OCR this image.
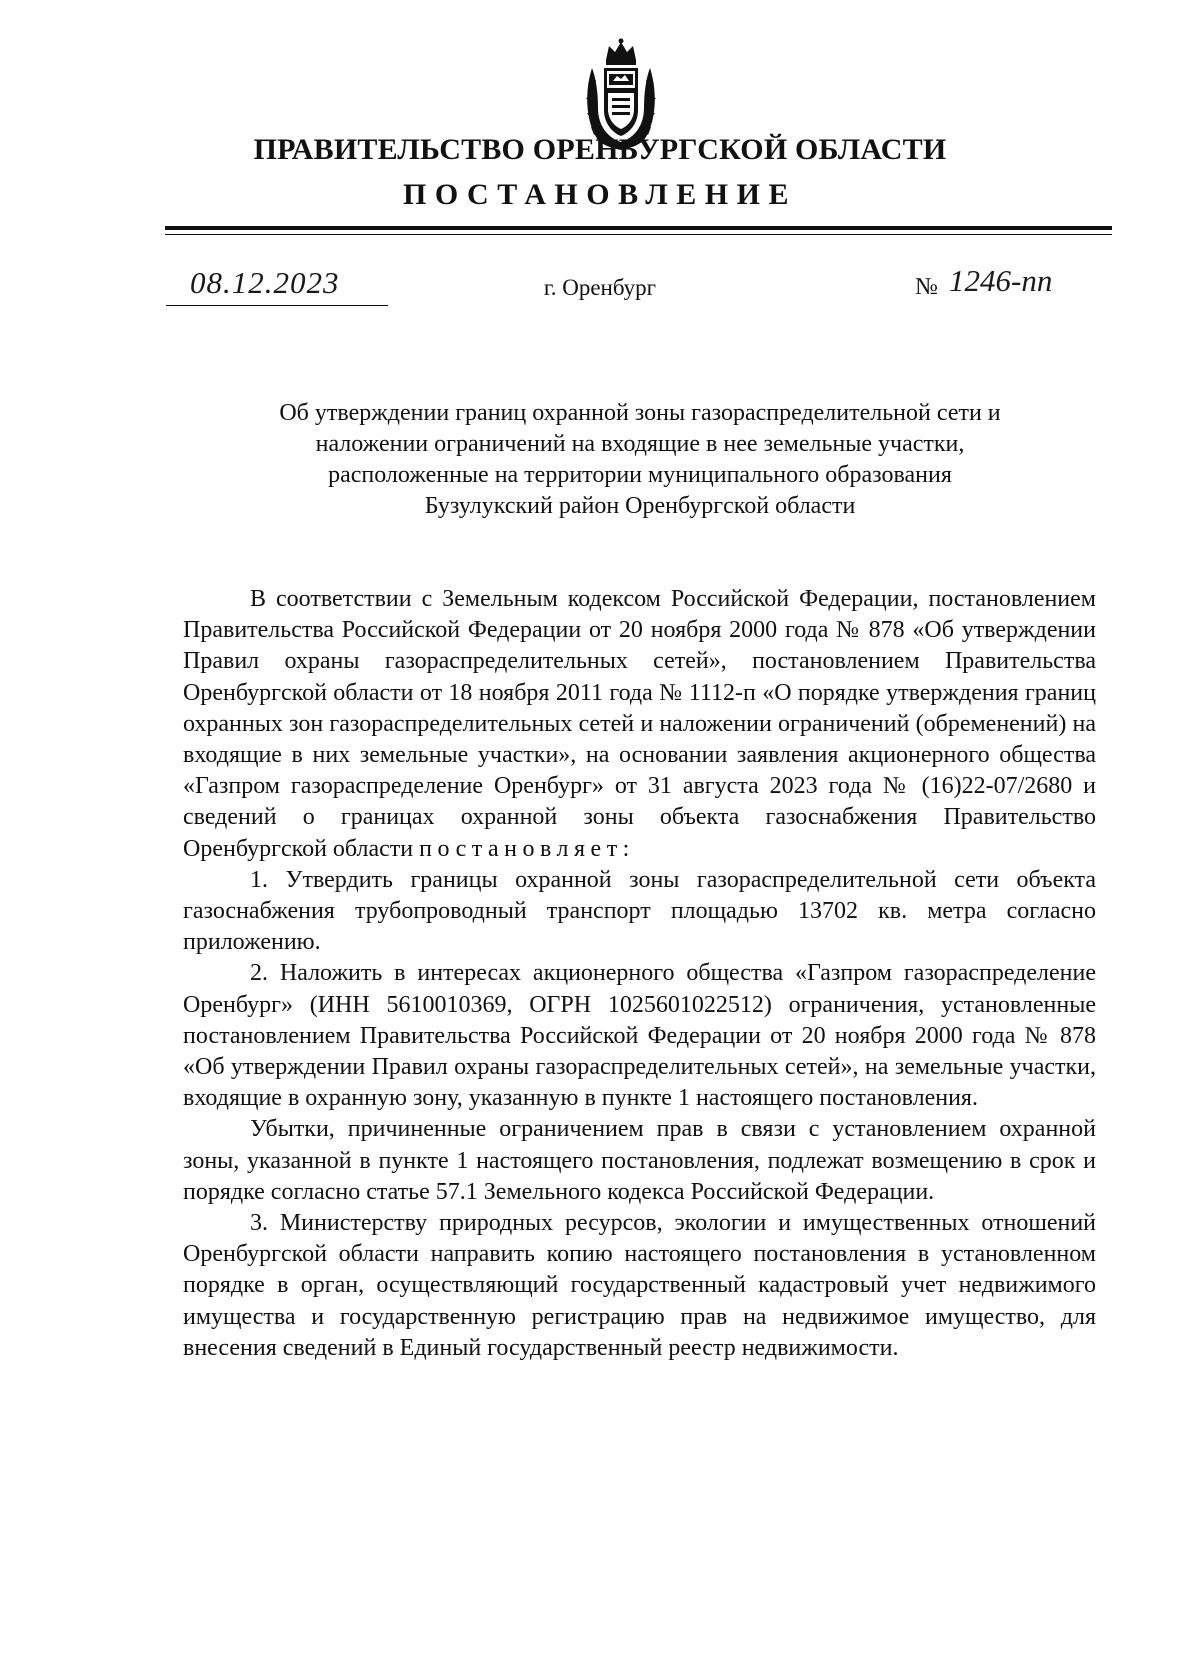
ПРАВИТЕЛЬСТВО ОРЕНБУРГСКОЙ ОБЛАСТИ
ПОСТАНОВЛЕНИЕ
08.12.2023	г. Оренбург	№ 1246-пп
Об утверждении границ охранной зоны газораспределительной сети и
наложении ограничений на входящие в нее земельные участки,
расположенные на территории муниципального образования
Бузулукский район Оренбургской области

В соответствии с Земельным кодексом Российской Федерации, постановлением Правительства Российской Федерации от 20 ноября 2000 года № 878 «Об утверждении Правил охраны газораспределительных сетей», постановлением Правительства Оренбургской области от 18 ноября 2011 года № 1112-п «О порядке утверждения границ охранных зон газораспределительных сетей и наложении ограничений (обременений) на входящие в них земельные участки», на основании заявления акционерного общества «Газпром газораспределение Оренбург» от 31 августа 2023 года № (16)22-07/2680 и сведений о границах охранной зоны объекта газоснабжения Правительство Оренбургской области постановляет:

1. Утвердить границы охранной зоны газораспределительной сети объекта газоснабжения трубопроводный транспорт площадью 13702 кв. метра согласно приложению.

2. Наложить в интересах акционерного общества «Газпром газораспределение Оренбург» (ИНН 5610010369, ОГРН 1025601022512) ограничения, установленные постановлением Правительства Российской Федерации от 20 ноября 2000 года № 878 «Об утверждении Правил охраны газораспределительных сетей», на земельные участки, входящие в охранную зону, указанную в пункте 1 настоящего постановления.

Убытки, причиненные ограничением прав в связи с установлением охранной зоны, указанной в пункте 1 настоящего постановления, подлежат возмещению в срок и порядке согласно статье 57.1 Земельного кодекса Российской Федерации.

3. Министерству природных ресурсов, экологии и имущественных отношений Оренбургской области направить копию настоящего постановления в установленном порядке в орган, осуществляющий государственный кадастровый учет недвижимого имущества и государственную регистрацию прав на недвижимое имущество, для внесения сведений в Единый государственный реестр недвижимости.
